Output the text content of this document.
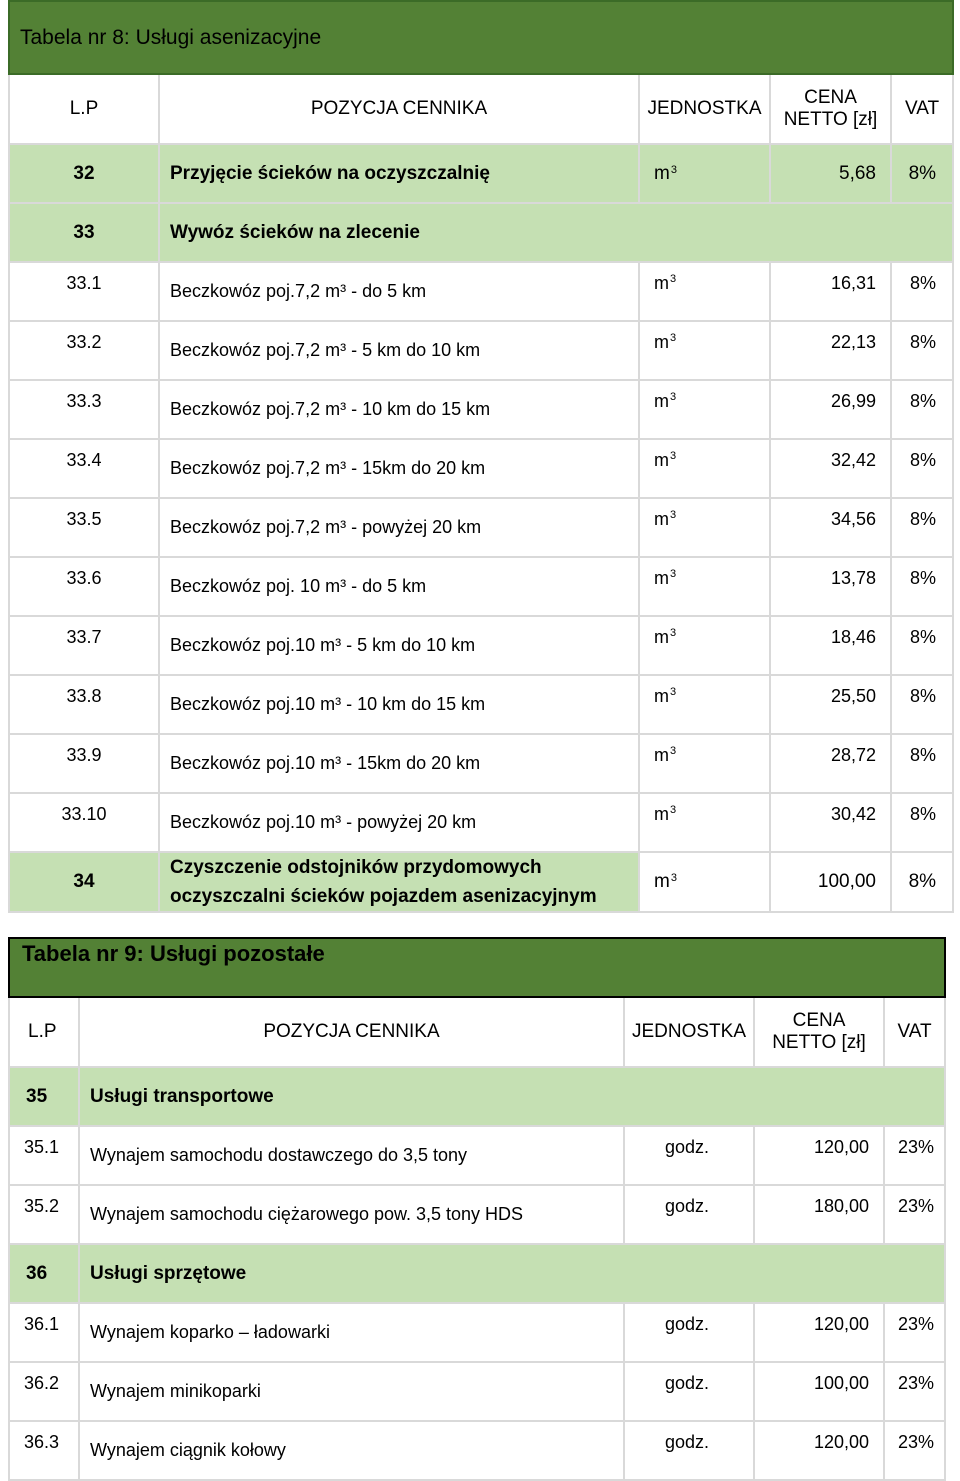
Tabela nr 8: Usługi asenizacyjne				
L.P	POZYCJA CENNIKA	JEDNOSTKA	CENA
NETTO [zł]	VAT
32	Przyjęcie ścieków na oczyszczalnię	$m^3$	5,68	8%
33	Wywóz ścieków na zlecenie			
33.1	Beczkowóz poj.7,2 m³ - do 5 km	$m^3$	16,31	8%
33.2	Beczkowóz poj.7,2 m³ - 5 km do 10 km	$m^3$	22,13	8%
33.3	Beczkowóz poj.7,2 m³ - 10 km do 15 km	$m^3$	26,99	8%
33.4	Beczkowóz poj.7,2 m³ - 15km do 20 km	$m^3$	32,42	8%
33.5	Beczkowóz poj.7,2 m³ - powyżej 20 km	$m^3$	34,56	8%
33.6	Beczkowóz poj. 10 m³ - do 5 km	$m^3$	13,78	8%
33.7	Beczkowóz poj.10 m³ - 5 km do 10 km	$m^3$	18,46	8%
33.8	Beczkowóz poj.10 m³ - 10 km do 15 km	$m^3$	25,50	8%
33.9	Beczkowóz poj.10 m³ - 15km do 20 km	$m^3$	28,72	8%
33.10	Beczkowóz poj.10 m³ - powyżej 20 km	$m^3$	30,42	8%
34	Czyszczenie odstojników przydomowych
oczyszczalni ścieków pojazdem asenizacyjnym	$m^3$	100,00	8%
Tabela nr 9: Usługi pozostałe				
L.P	POZYCJA CENNIKA	JEDNOSTKA	CENA
NETTO [zł]	VAT
35	Usługi transportowe			
35.1	Wynajem samochodu dostawczego do 3,5 tony	godz.	120,00	23%
35.2	Wynajem samochodu ciężarowego pow. 3,5 tony HDS	godz.	180,00	23%
36	Usługi sprzętowe			
36.1	Wynajem koparko – ładowarki	godz.	120,00	23%
36.2	Wynajem minikoparki	godz.	100,00	23%
36.3	Wynajem ciągnik kołowy	godz.	120,00	23%
